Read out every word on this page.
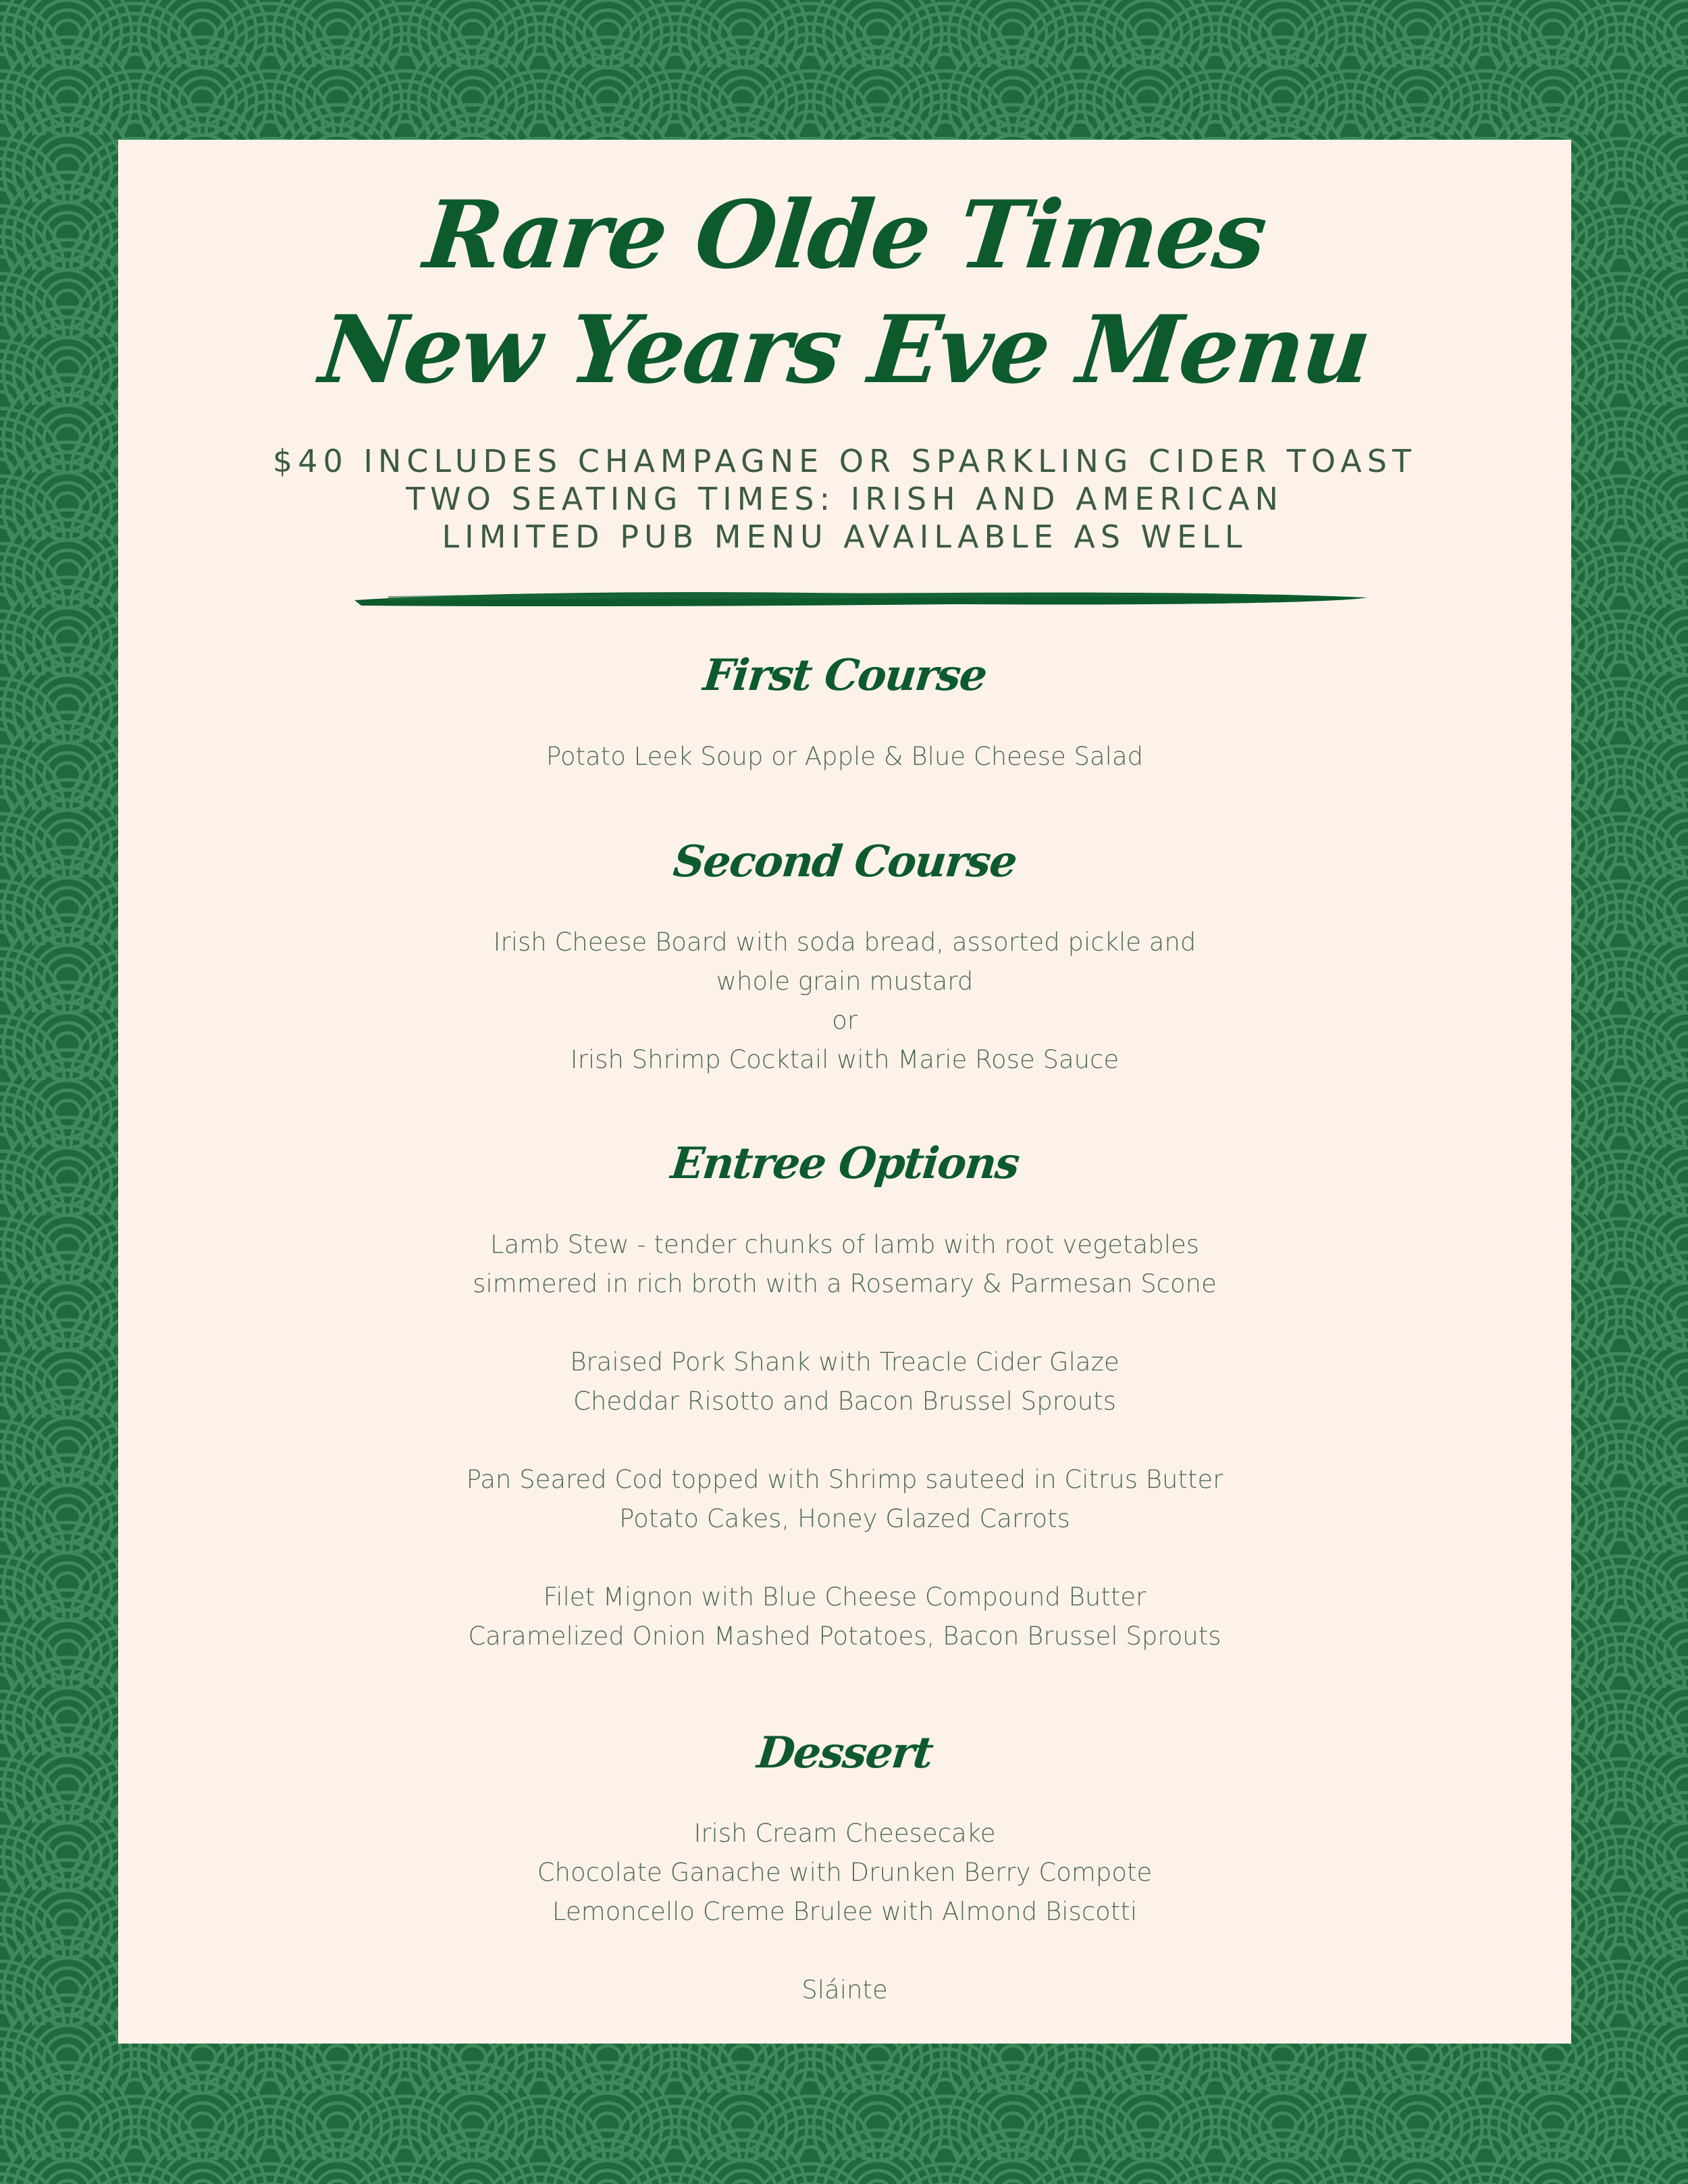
Rare Olde Times
New Years Eve Menu
$40 INCLUDES CHAMPAGNE OR SPARKLING CIDER TOAST
TWO SEATING TIMES: IRISH AND AMERICAN
LIMITED PUB MENU AVAILABLE AS WELL
First Course
Potato Leek Soup or Apple & Blue Cheese Salad
Second Course
Irish Cheese Board with soda bread, assorted pickle and
whole grain mustard
or
Irish Shrimp Cocktail with Marie Rose Sauce
Entree Options
Lamb Stew - tender chunks of lamb with root vegetables
simmered in rich broth with a Rosemary & Parmesan Scone
Braised Pork Shank with Treacle Cider Glaze
Cheddar Risotto and Bacon Brussel Sprouts
Pan Seared Cod topped with Shrimp sauteed in Citrus Butter
Potato Cakes, Honey Glazed Carrots
Filet Mignon with Blue Cheese Compound Butter
Caramelized Onion Mashed Potatoes, Bacon Brussel Sprouts
Dessert
Irish Cream Cheesecake
Chocolate Ganache with Drunken Berry Compote
Lemoncello Creme Brulee with Almond Biscotti
Sláinte
